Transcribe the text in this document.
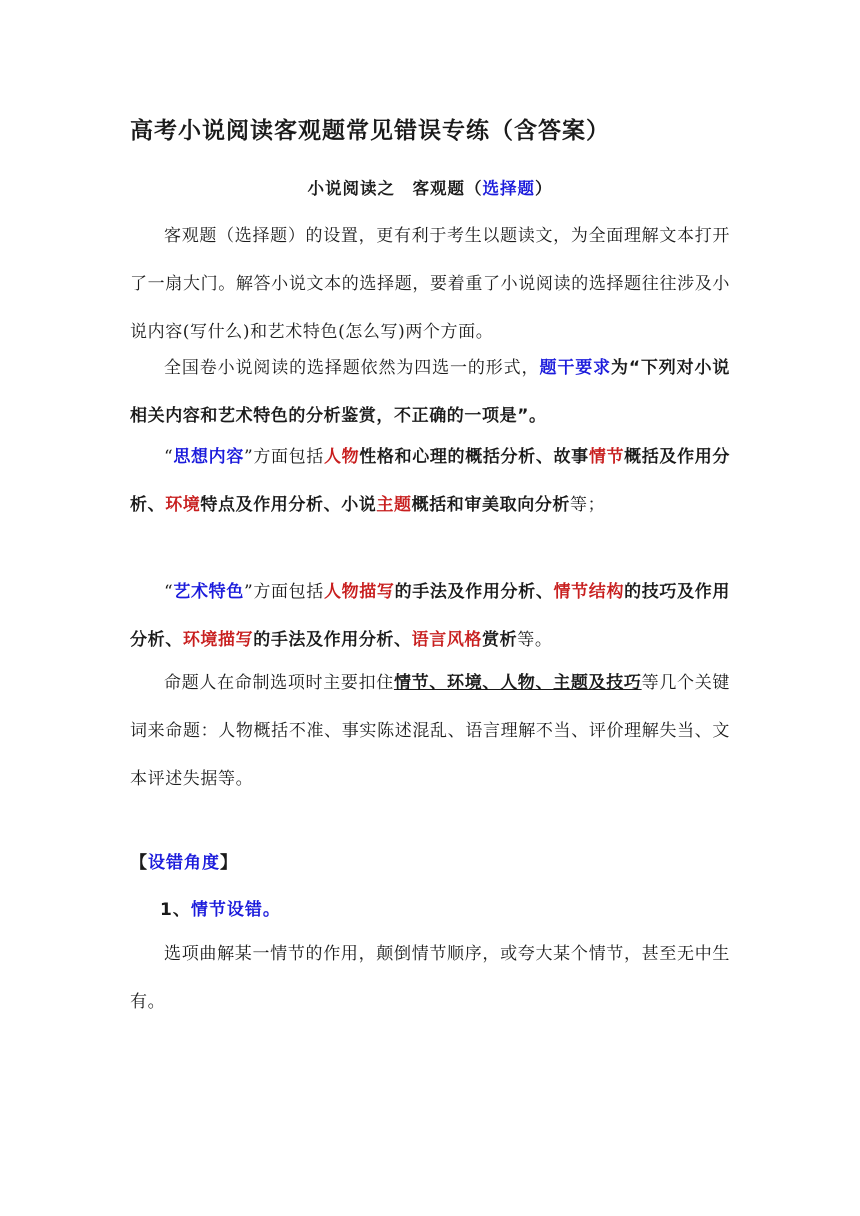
高考小说阅读客观题常见错误专练（含答案）
小说阅读之　客观题（选择题）

客观题（选择题）的设置，更有利于考生以题读文，为全面理解文本打开了一扇大门。解答小说文本的选择题，要着重了小说阅读的选择题往往涉及小说内容(写什么)和艺术特色(怎么写)两个方面。

全国卷小说阅读的选择题依然为四选一的形式，题干要求为“下列对小说相关内容和艺术特色的分析鉴赏，不正确的一项是”。

“思想内容”方面包括人物性格和心理的概括分析、故事情节概括及作用分析、环境特点及作用分析、小说主题概括和审美取向分析等；

“艺术特色”方面包括人物描写的手法及作用分析、情节结构的技巧及作用分析、环境描写的手法及作用分析、语言风格赏析等。

命题人在命制选项时主要扣住情节、环境、人物、主题及技巧等几个关键词来命题：人物概括不准、事实陈述混乱、语言理解不当、评价理解失当、文本评述失据等。

【设错角度】
1、情节设错。

选项曲解某一情节的作用，颠倒情节顺序，或夸大某个情节，甚至无中生有。
